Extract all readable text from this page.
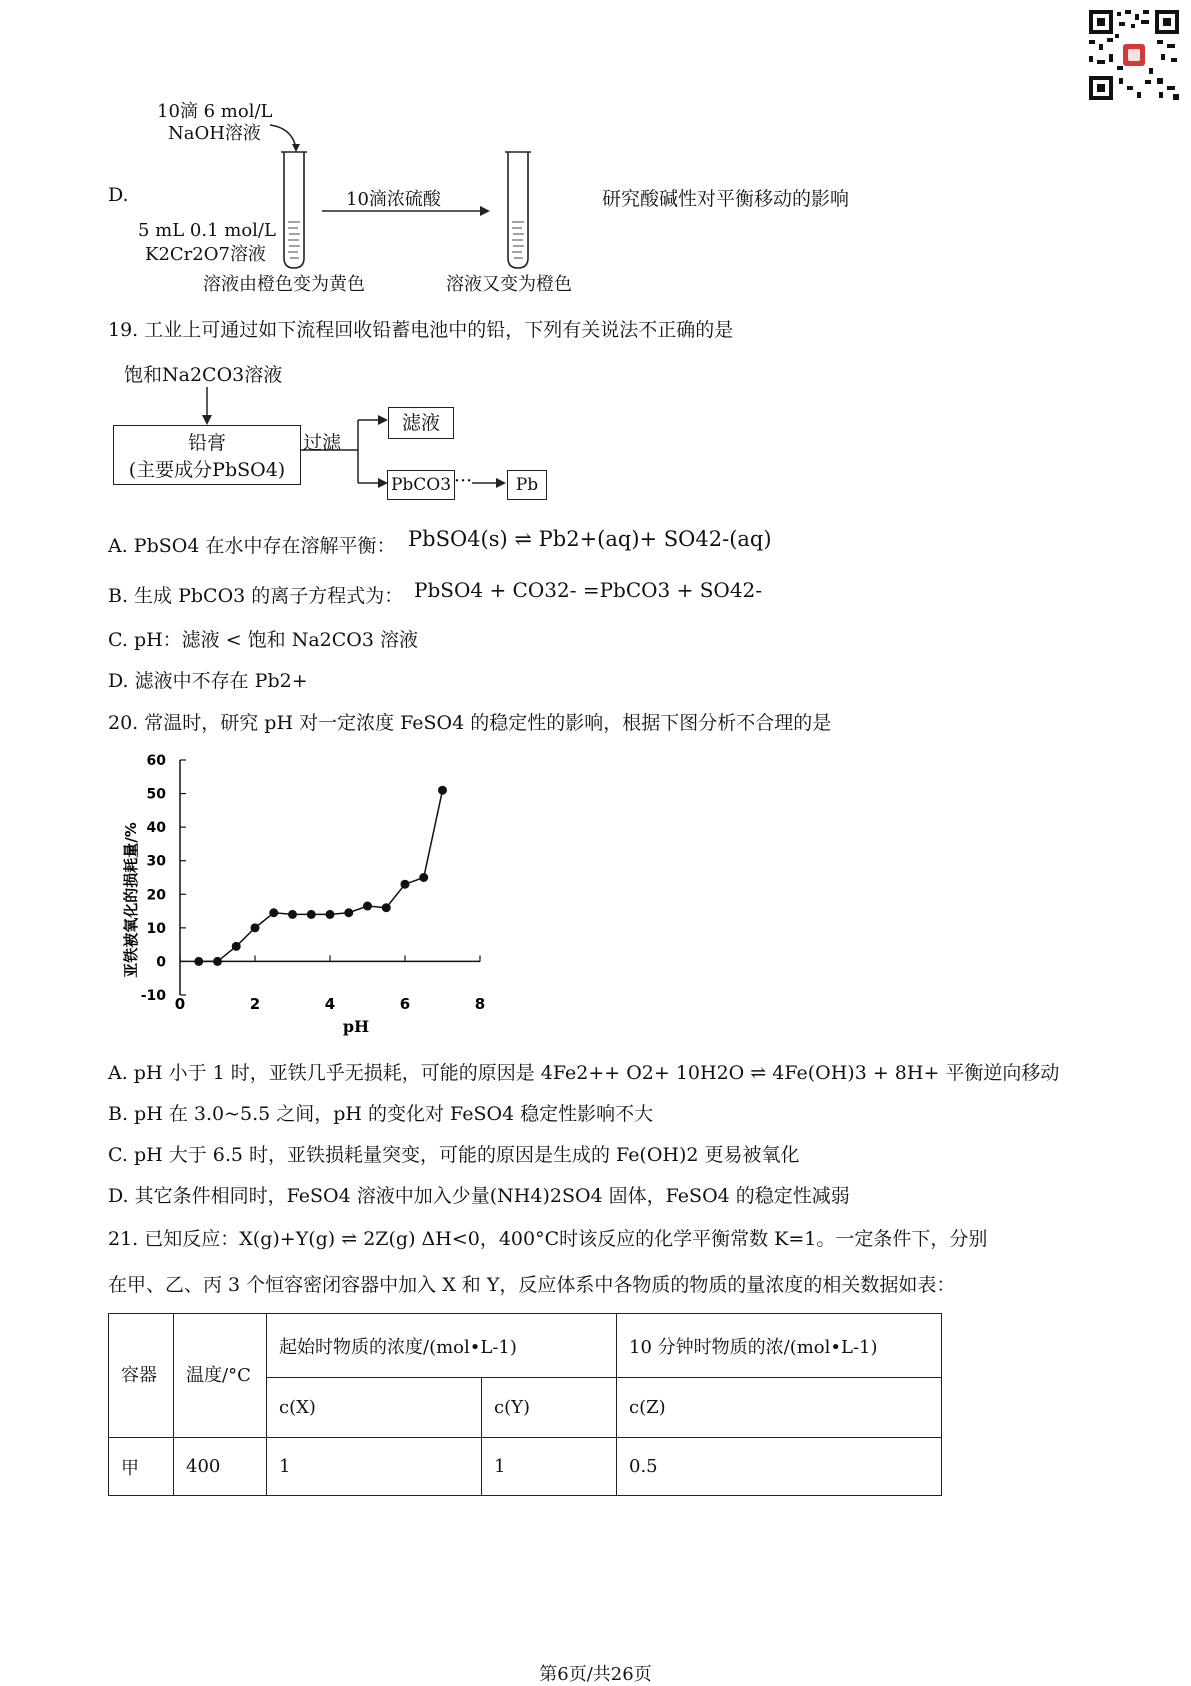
D.
10滴 6 mol/L
NaOH溶液
5 mL 0.1 mol/L
K2Cr2O7溶液
10滴浓硫酸
溶液由橙色变为黄色	溶液又变为橙色
研究酸碱性对平衡移动的影响
19. 工业上可通过如下流程回收铅蓄电池中的铅，下列有关说法不正确的是
饱和Na2CO3溶液
铅膏
(主要成分PbSO4)
过滤
滤液
PbCO3 ···	Pb
A. PbSO4 在水中存在溶解平衡： PbSO4(s) ⇌ Pb2+(aq)+ SO42-(aq)
B. 生成 PbCO3 的离子方程式为： PbSO4 + CO32- =PbCO3 + SO42-
C. pH：滤液 < 饱和 Na2CO3 溶液
D. 滤液中不存在 Pb2+
20. 常温时，研究 pH 对一定浓度 FeSO4 的稳定性的影响，根据下图分析不合理的是
亚铁被氧化的损耗量/%
pH
-10
0
10
20
30
40
50
60
0	2	4	6	8
A. pH 小于 1 时，亚铁几乎无损耗，可能的原因是 4Fe2++ O2+ 10H2O ⇌ 4Fe(OH)3 + 8H+ 平衡逆向移动
B. pH 在 3.0~5.5 之间，pH 的变化对 FeSO4 稳定性影响不大
C. pH 大于 6.5 时，亚铁损耗量突变，可能的原因是生成的 Fe(OH)2 更易被氧化
D. 其它条件相同时，FeSO4 溶液中加入少量(NH4)2SO4 固体，FeSO4 的稳定性减弱
21. 已知反应：X(g)+Y(g) ⇌ 2Z(g) ΔH<0，400°C时该反应的化学平衡常数 K=1。一定条件下，分别
在甲、乙、丙 3 个恒容密闭容器中加入 X 和 Y，反应体系中各物质的物质的量浓度的相关数据如表：
容器	温度/°C	起始时物质的浓度/(mol•L-1)		10 分钟时物质的浓/(mol•L-1)
		c(X)	c(Y)	c(Z)
甲	400	1	1	0.5
第6页/共26页
